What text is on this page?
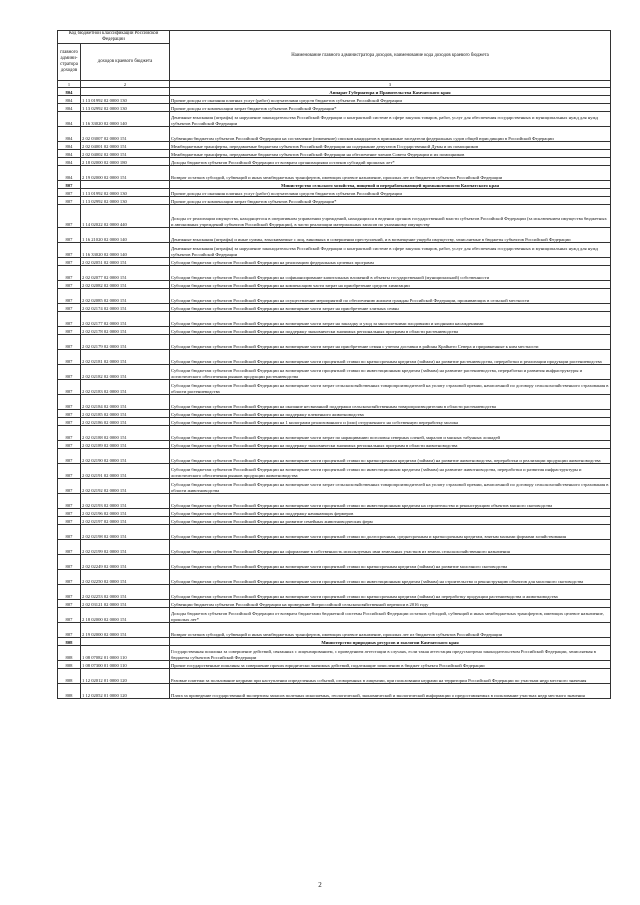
Код бюджетной классификации Российской Федерации		Наименование главного администратора доходов, наименование кода доходов краевого бюджета
главного админи-стратора доходов	доходов краевого бюджета	
1	2	3
804		Аппарат Губернатора и Правительства Камчатского края
804	1 13 01992 02 0000 130	Прочие доходы от оказания платных услуг (работ) получателями средств бюджетов субъектов Российской Федерации
804	1 13 02992 02 0000 130	Прочие доходы от компенсации затрат бюджетов субъектов Российской Федерации*
804	1 16 33020 02 0000 140	Денежные взыскания (штрафы) за нарушение законодательства Российской Федерации о контрактной системе в сфере закупок товаров, работ, услуг для обеспечения государственных и муниципальных нужд для нужд субъектов Российской Федерации
804	2 02 03007 02 0000 151	Субвенции бюджетам субъектов Российской Федерации на составление (изменение) списков кандидатов в присяжные заседатели федеральных судов общей юрисдикции в Российской Федерации
804	2 02 04001 02 0000 151	Межбюджетные трансферты, передаваемые бюджетам субъектов Российской Федерации на содержание депутатов Государственной Думы и их помощников
804	2 02 04002 02 0000 151	Межбюджетные трансферты, передаваемые бюджетам субъектов Российской Федерации на обеспечение членов Совета Федерации и их помощников
804	2 18 02000 02 0000 180	Доходы бюджетов субъектов Российской Федерации от возврата организациями остатков субсидий прошлых лет*
804	2 19 02000 02 0000 151	Возврат остатков субсидий, субвенций и иных межбюджетных трансфертов, имеющих целевое назначение, прошлых лет из бюджетов субъектов Российской Федерации
807		Министерство сельского хозяйства, пищевой и перерабатывающей промышленности Камчатского края
807	1 13 01992 02 0000 130	Прочие доходы от оказания платных услуг (работ) получателями средств бюджетов субъектов Российской Федерации
807	1 13 02992 02 0000 130	Прочие доходы от компенсации затрат бюджетов субъектов Российской Федерации*
807	1 14 02022 02 0000 440	Доходы от реализации имущества, находящегося в оперативном управлении учреждений, находящихся в ведении органов государственной власти субъектов Российской Федерации (за исключением имущества бюджетных и автономных учреждений субъектов Российской Федерации), в части реализации материальных запасов по указанному имуществу
807	1 16 21020 02 0000 140	Денежные взыскания (штрафы) и иные суммы, взыскиваемые с лиц, виновных в совершении преступлений, и в возмещение ущерба имуществу, зачисляемые в бюджеты субъектов Российской Федерации
807	1 16 33020 02 0000 140	Денежные взыскания (штрафы) за нарушение законодательства Российской Федерации о контрактной системе в сфере закупок товаров, работ, услуг для обеспечения государственных и муниципальных нужд для нужд субъектов Российской Федерации
807	2 02 02051 02 0000 151	Субсидии бюджетам субъектов Российской Федерации на реализацию федеральных целевых программ
807	2 02 02077 02 0000 151	Субсидии бюджетам субъектов Российской Федерации на софинансирование капитальных вложений в объекты государственной (муниципальной) собственности
807	2 02 02082 02 0000 151	Субсидии бюджетам субъектов Российской Федерации на компенсацию части затрат на приобретение средств химизации
807	2 02 02085 02 0000 151	Субсидии бюджетам субъектов Российской Федерации на осуществление мероприятий по обеспечению жильем граждан Российской Федерации, проживающих в сельской местности
807	2 02 02174 02 0000 151	Субсидии бюджетам субъектов Российской Федерации на возмещение части затрат на приобретение элитных семян
807	2 02 02177 02 0000 151	Субсидии бюджетам субъектов Российской Федерации на возмещение части затрат на закладку и уход за многолетними плодовыми и ягодными насаждениями
807	2 02 02178 02 0000 151	Субсидии бюджетам субъектов Российской Федерации на поддержку экономически значимых региональных программ в области растениеводства
807	2 02 02179 02 0000 151	Субсидии бюджетам субъектов Российской Федерации на возмещение части затрат на приобретение семян с учетом доставки в районы Крайнего Севера и приравненные к ним местности
807	2 02 02181 02 0000 151	Субсидии бюджетам субъектов Российской Федерации на возмещение части процентной ставки по краткосрочным кредитам (займам) на развитие растениеводства, переработки и реализации продукции растениеводства
807	2 02 02182 02 0000 151	Субсидии бюджетам субъектов Российской Федерации на возмещение части процентной ставки по инвестиционным кредитам (займам) на развитие растениеводства, переработки и развития инфраструктуры и логистического обеспечения рынков продукции растениеводства
807	2 02 02183 02 0000 151	Субсидии бюджетам субъектов Российской Федерации на возмещение части затрат сельскохозяйственных товаропроизводителей на уплату страховой премии, начисленной по договору сельскохозяйственного страхования в области растениеводства
807	2 02 02184 02 0000 151	Субсидии бюджетам субъектов Российской Федерации на оказание несвязанной поддержки сельскохозяйственным товаропроизводителям в области растениеводства
807	2 02 02185 02 0000 151	Субсидии бюджетам субъектов Российской Федерации на поддержку племенного животноводства
807	2 02 02186 02 0000 151	Субсидии бюджетам субъектов Российской Федерации на 1 килограмм реализованного и (или) отгруженного на собственную переработку молока
807	2 02 02188 02 0000 151	Субсидии бюджетам субъектов Российской Федерации на возмещение части затрат по наращиванию поголовья северных оленей, маралов и мясных табунных лошадей
807	2 02 02189 02 0000 151	Субсидии бюджетам субъектов Российской Федерации на поддержку экономически значимых региональных программ в области животноводства
807	2 02 02190 02 0000 151	Субсидии бюджетам субъектов Российской Федерации на возмещение части процентной ставки по краткосрочным кредитам (займам) на развитие животноводства, переработки и реализации продукции животноводства
807	2 02 02191 02 0000 151	Субсидии бюджетам субъектов Российской Федерации на возмещение части процентной ставки по инвестиционным кредитам (займам) на развитие животноводства, переработки и развития инфраструктуры и логистического обеспечения рынков продукции животноводства
807	2 02 02192 02 0000 151	Субсидии бюджетам субъектов Российской Федерации на возмещение части затрат сельскохозяйственных товаропроизводителей на уплату страховой премии, начисленной по договору сельскохозяйственного страхования в области животноводства
807	2 02 02193 02 0000 151	Субсидии бюджетам субъектов Российской Федерации на возмещение части процентной ставки по инвестиционным кредитам на строительство и реконструкцию объектов мясного скотоводства
807	2 02 02196 02 0000 151	Субсидии бюджетам субъектов Российской Федерации на поддержку начинающих фермеров
807	2 02 02197 02 0000 151	Субсидии бюджетам субъектов Российской Федерации на развитие семейных животноводческих ферм
807	2 02 02198 02 0000 151	Субсидии бюджетам субъектов Российской Федерации на возмещение части процентной ставки по долгосрочным, среднесрочным и краткосрочным кредитам, взятым малыми формами хозяйствования
807	2 02 02199 02 0000 151	Субсидии бюджетам субъектов Российской Федерации на оформление в собственность используемых ими земельных участков из земель сельскохозяйственного назначения
807	2 02 02249 02 0000 151	Субсидии бюджетам субъектов Российской Федерации на возмещение части процентной ставки по краткосрочным кредитам (займам) на развитие молочного скотоводства
807	2 02 02250 02 0000 151	Субсидии бюджетам субъектов Российской Федерации на возмещение части процентной ставки по инвестиционным кредитам (займам) на строительство и реконструкцию объектов для молочного скотоводства
807	2 02 02253 02 0000 151	Субсидии бюджетам субъектов Российской Федерации на возмещение части процентной ставки по краткосрочным кредитам (займам) на переработку продукции растениеводства и животноводства
807	2 02 03121 02 0000 151	Субвенции бюджетам субъектов Российской Федерации на проведение Всероссийской сельскохозяйственной переписи в 2016 году
807	2 18 02000 02 0000 151	Доходы бюджетов субъектов Российской Федерации от возврата бюджетами бюджетной системы Российской Федерации остатков субсидий, субвенций и иных межбюджетных трансфертов, имеющих целевое назначение, прошлых лет*
807	2 19 02000 02 0000 151	Возврат остатков субсидий, субвенций и иных межбюджетных трансфертов, имеющих целевое назначение, прошлых лет из бюджетов субъектов Российской Федерации
808		Министерство природных ресурсов и экологии Камчатского края
808	1 08 07082 01 0000 110	Государственная пошлина за совершение действий, связанных с лицензированием, с проведением аттестации в случаях, если такая аттестация предусмотрена законодательством Российской Федерации, зачисляемая в бюджеты субъектов Российской Федерации
808	1 08 07300 01 0000 110	Прочие государственные пошлины за совершение прочих юридически значимых действий, подлежащие зачислению в бюджет субъекта Российской Федерации
808	1 12 02012 01 0000 120	Разовые платежи за пользование недрами при наступлении определенных событий, оговоренных в лицензии, при пользовании недрами на территории Российской Федерации по участкам недр местного значения
808	1 12 02052 01 0000 120	Плата за проведение государственной экспертизы запасов полезных ископаемых, геологической, экономической и экологической информации о предоставляемых в пользование участках недр местного значения
2
